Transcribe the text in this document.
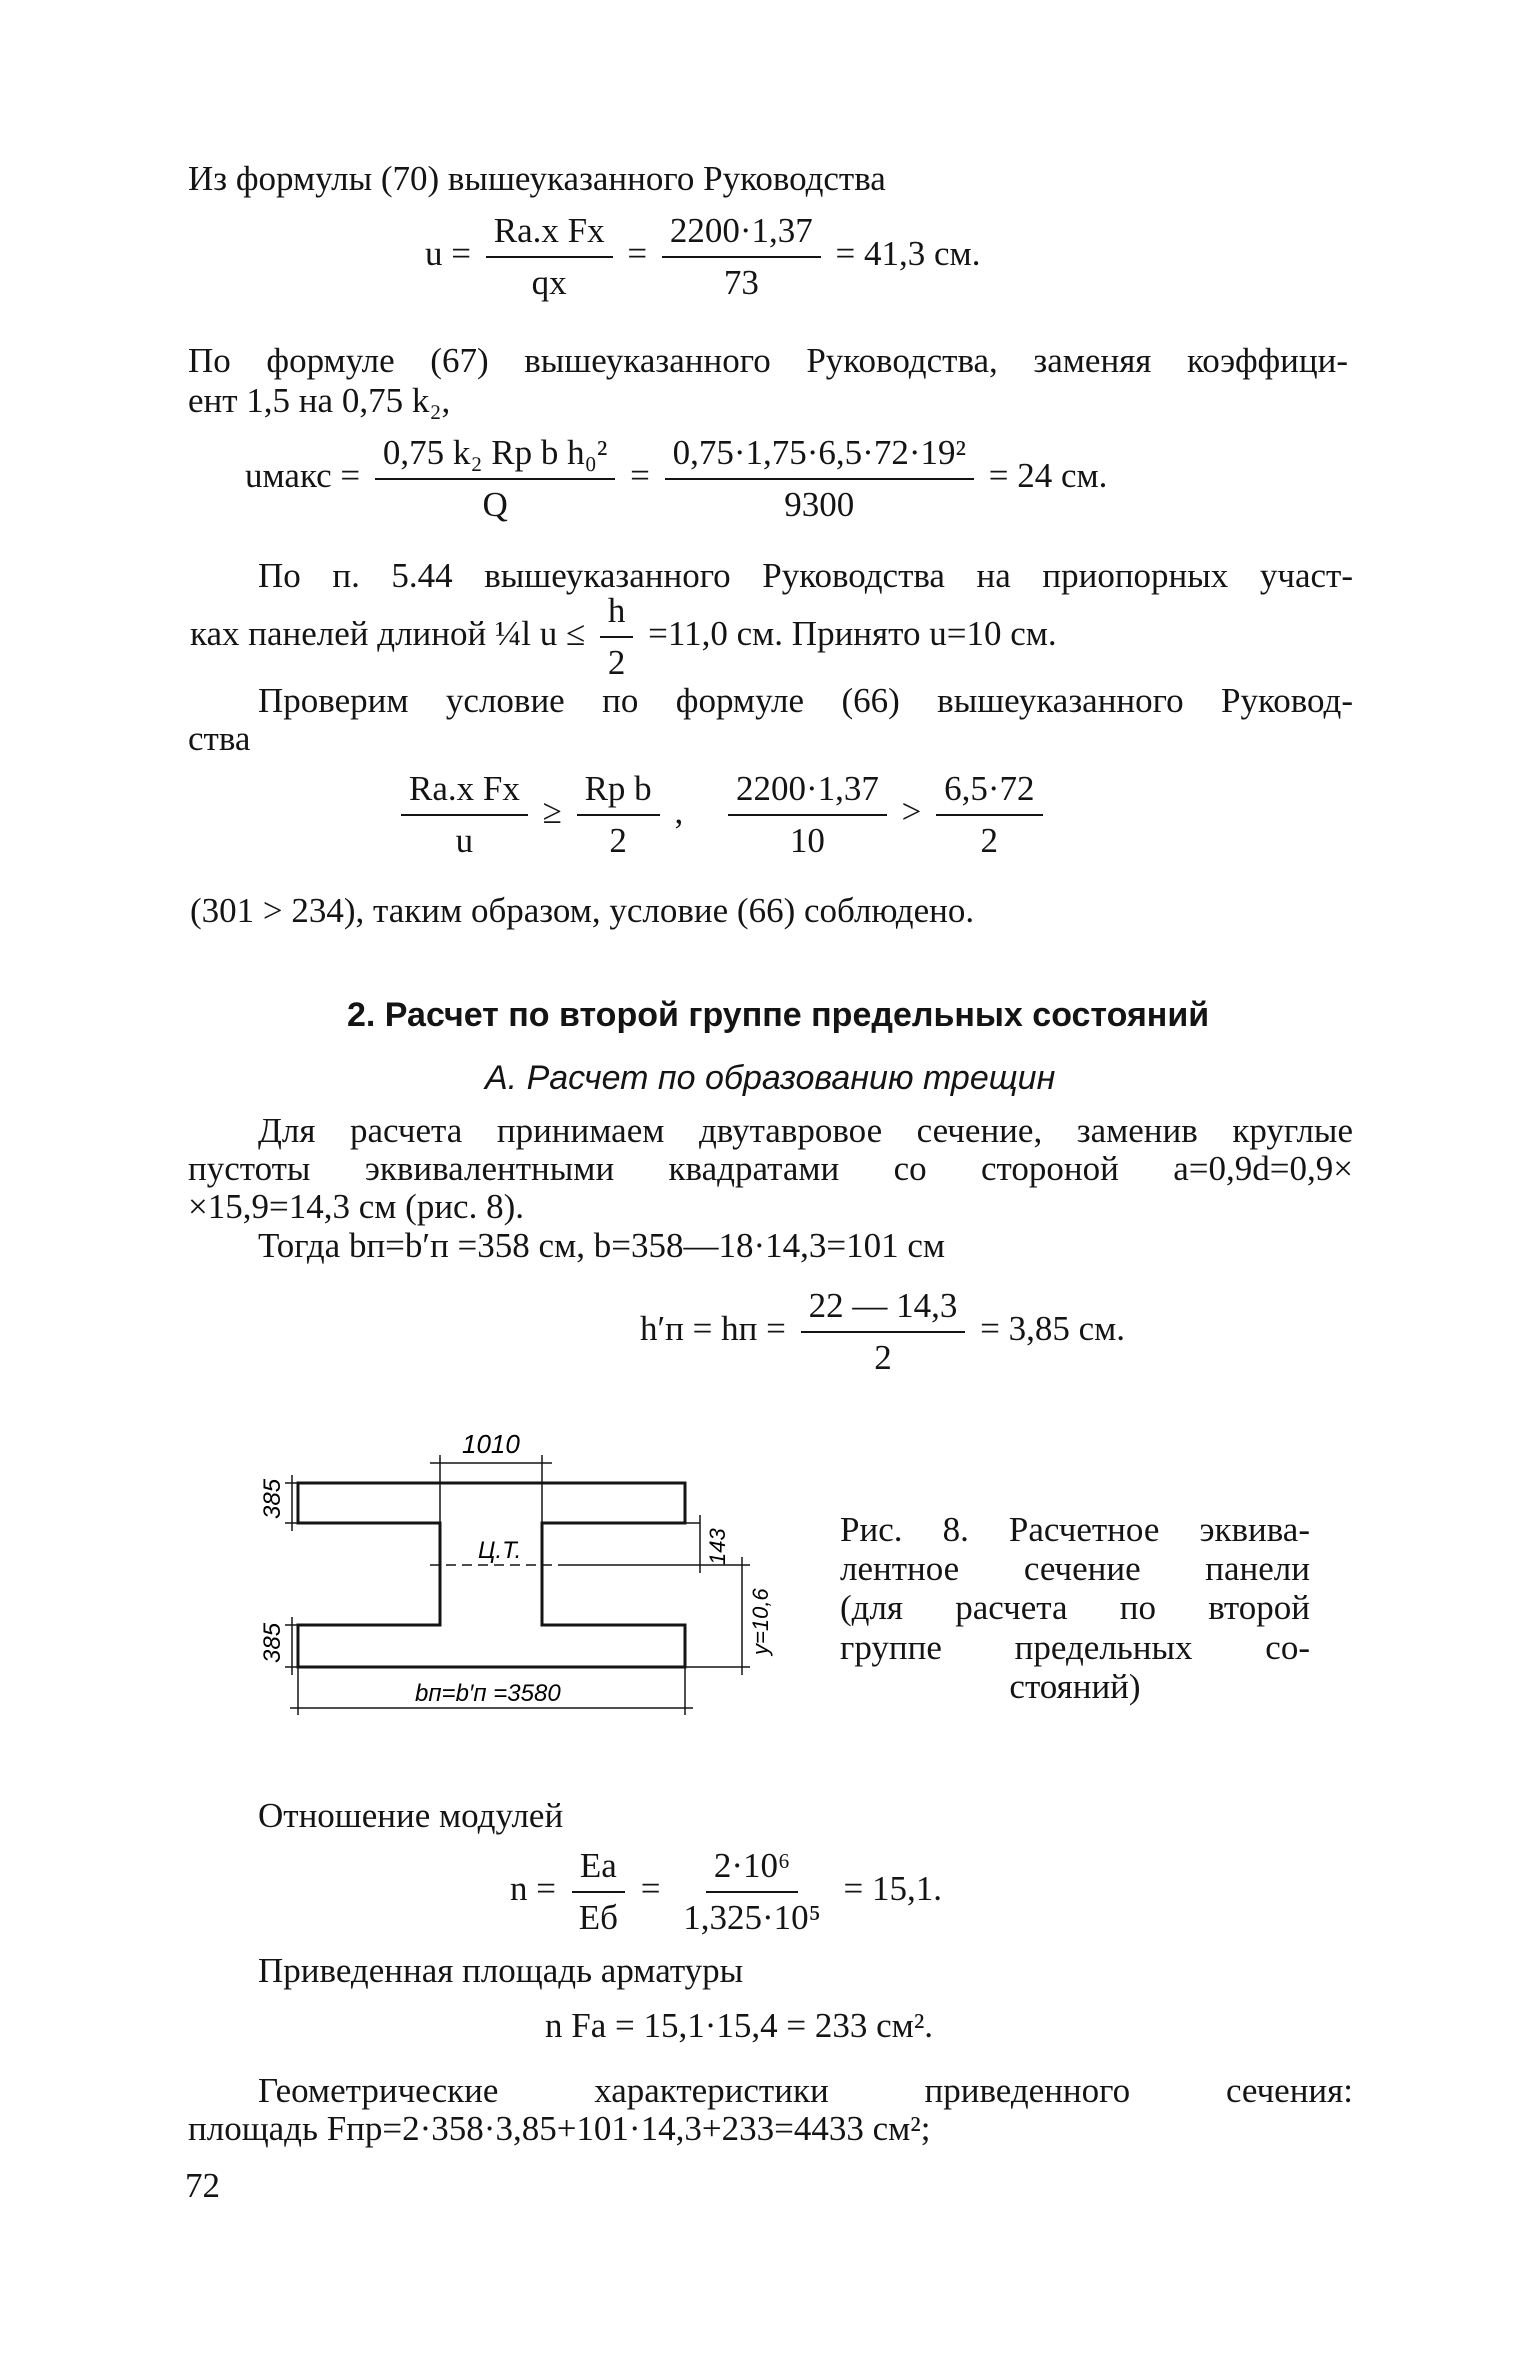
Из формулы (70) вышеуказанного Руководства
$u = \frac{\text{Rа.х Fх}}{qх} = \frac{2200\cdot 1,37}{73} = 41,3$ см.
По формуле (67) вышеуказанного Руководства, заменяя коэффици-
ент 1,5 на 0,75 k₂,
uмакс = $\frac{\text{0,75 k₂ Rр b h₀²}}{Q} = \frac{\text{0,75·1,75·6,5·72·19²}}{9300} = 24$ см.
По п. 5.44 вышеуказанного Руководства на приопорных участ-
ках панелей длиной ¼l $u \le \frac{h}{2} =11,0$ см. Принято u=10 см.
Проверим условие по формуле (66) вышеуказанного Руковод-
ства
$\frac{\text{Rа.х Fх}}{u} \ge \frac{\text{Rр b}}{2}$ , $\frac{2200\cdot 1,37}{10} > \frac{6,5\cdot 72}{2}$
(301 > 234), таким образом, условие (66) соблюдено.
2. Расчет по второй группе предельных состояний
А. Расчет по образованию трещин
Для расчета принимаем двутавровое сечение, заменив круглые
пустоты эквивалентными квадратами со стороной a=0,9d=0,9×
×15,9=14,3 см (рис. 8).
Тогда bп=b′п =358 см, b=358—18·14,3=101 см
h′п = hп = $\frac{22 — 14,3}{2} = 3,85$ см.
1010
385
385
Ц.Т.	143
y=10,6
bп=b′п =3580
Рис. 8. Расчетное эквива-
лентное сечение панели
(для расчета по второй
группе предельных со-
стояний)
Отношение модулей
$n = \frac{Eа}{Eб} = \frac{\text{2·10⁶}}{\text{1,325·10⁵}} = 15,1$.
Приведенная площадь арматуры
n Fа = 15,1·15,4 = 233 см².
Геометрические характеристики приведенного сечения:
площадь Fпр=2·358·3,85+101·14,3+233=4433 см²;
72
